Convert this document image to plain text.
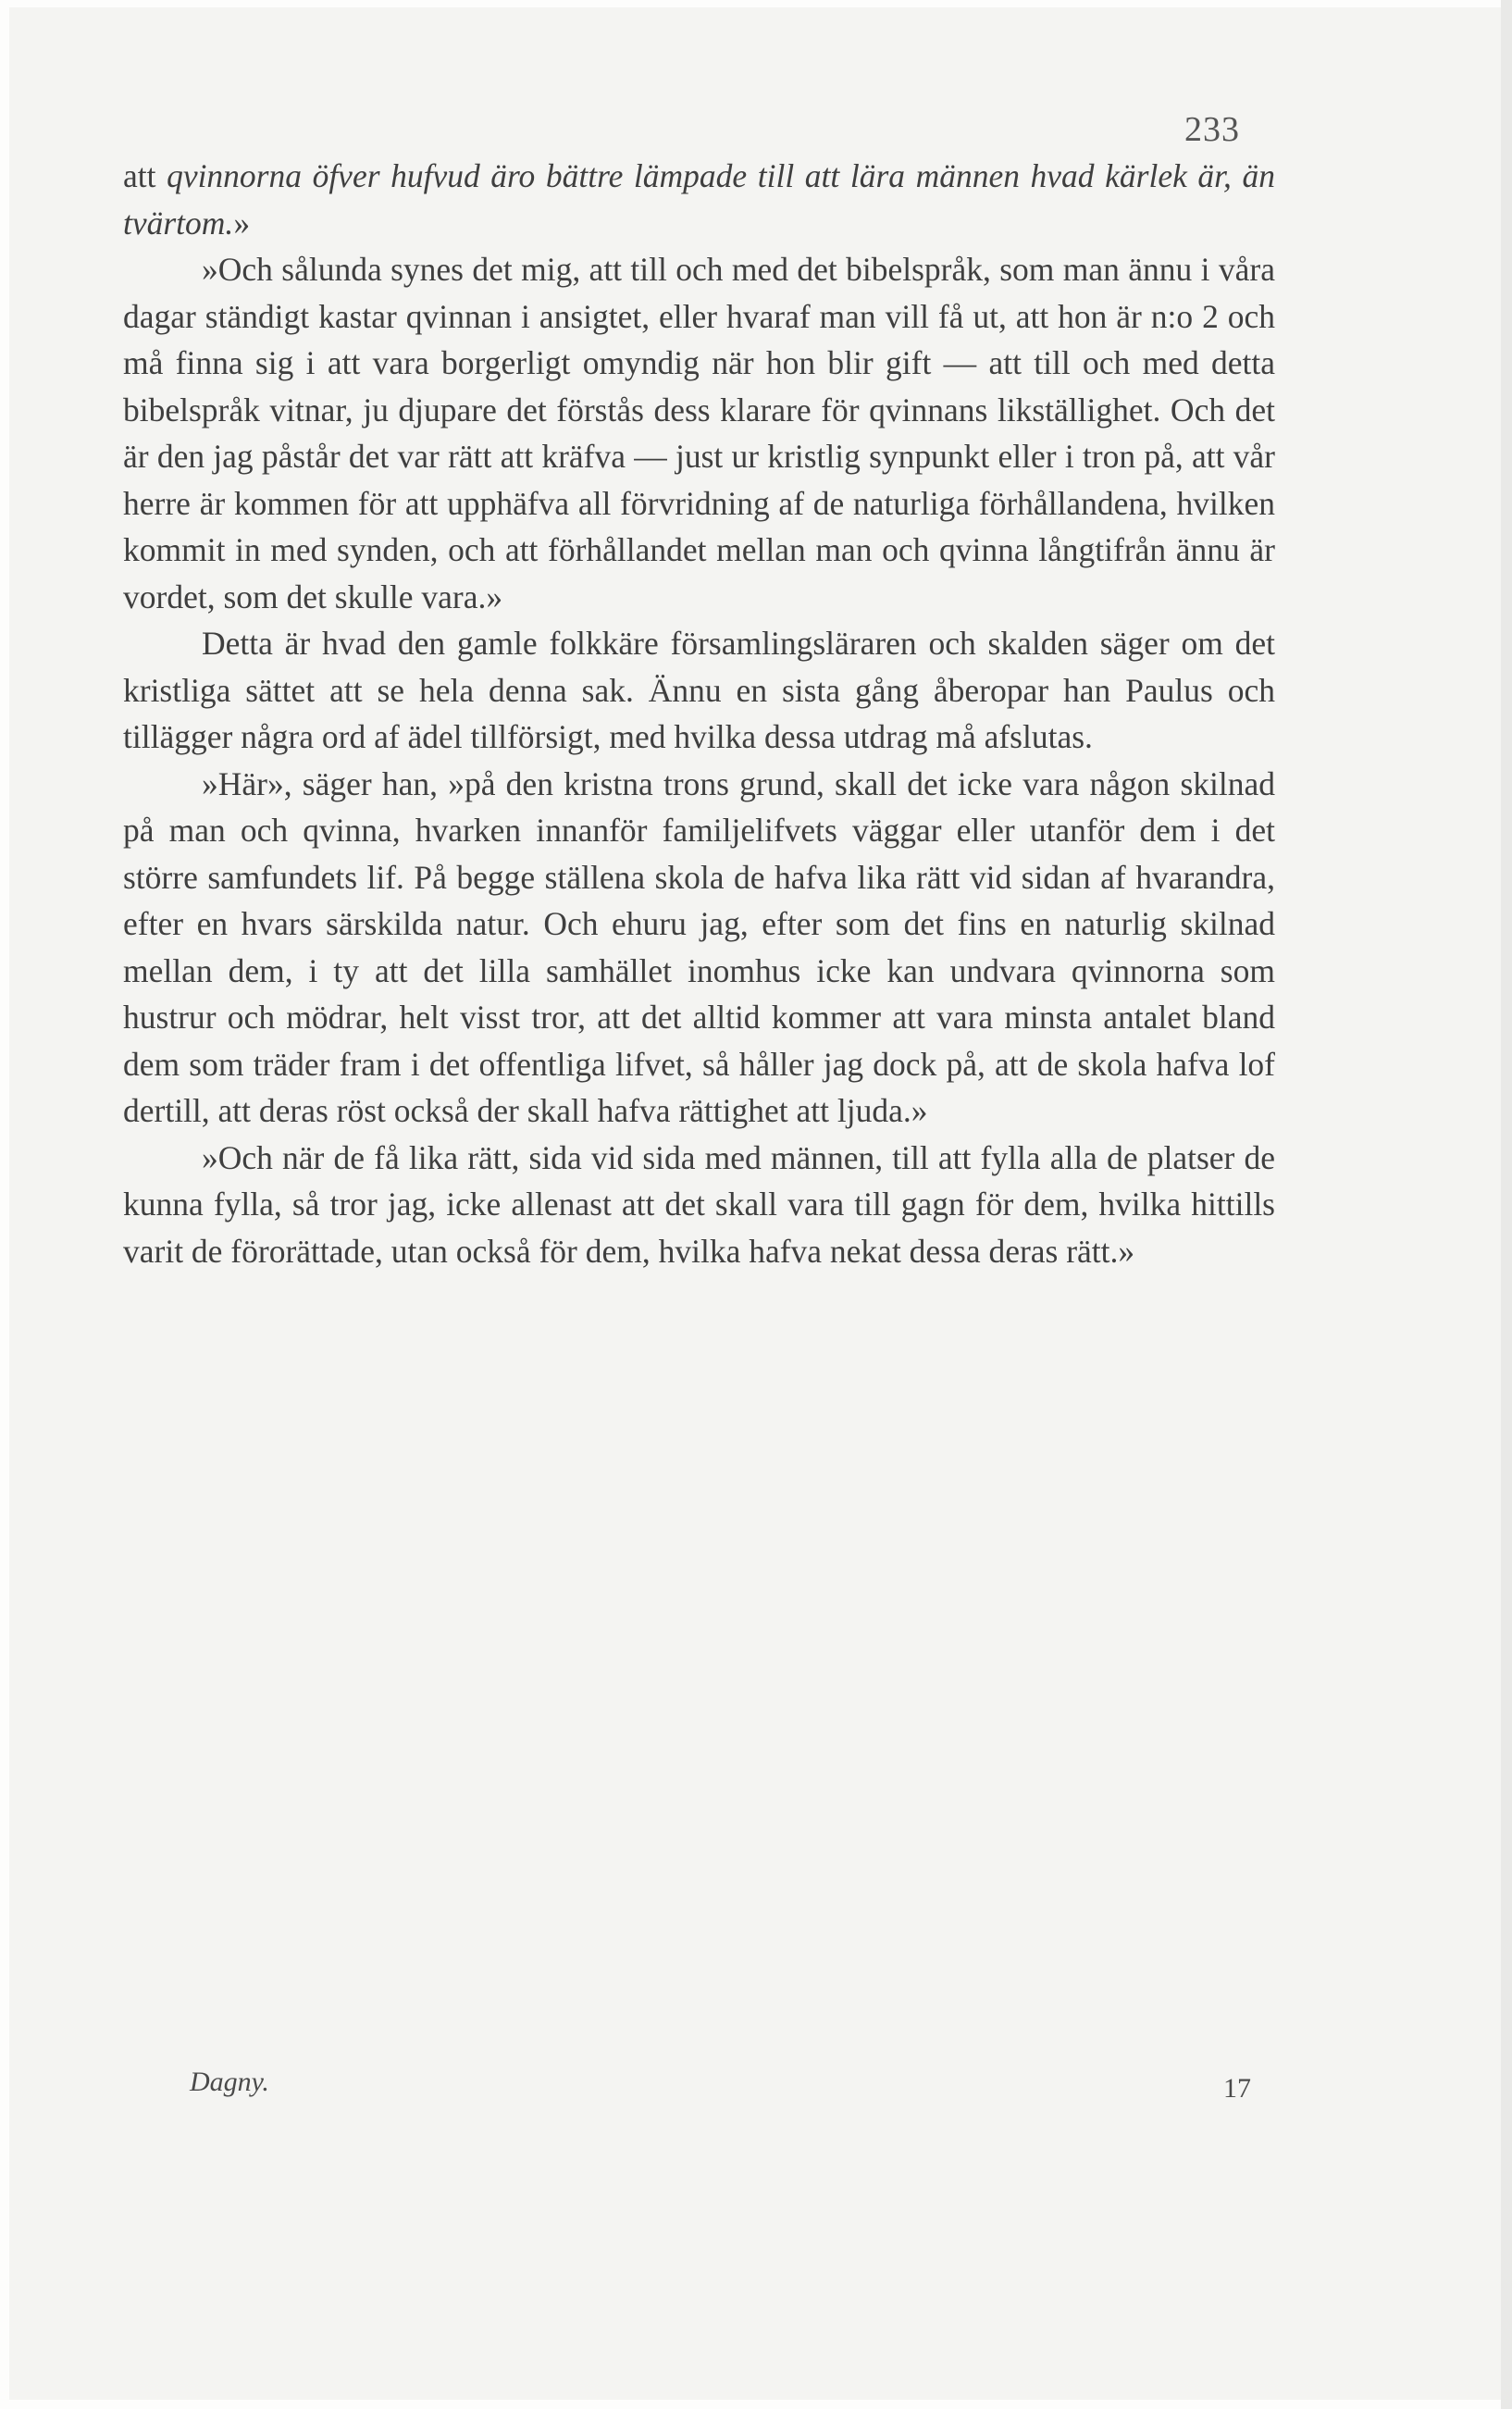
233

att qvinnorna öfver hufvud äro bättre lämpade till att lära männen hvad kärlek är, än tvärtom.»

»Och sålunda synes det mig, att till och med det bibelspråk, som man ännu i våra dagar ständigt kastar qvinnan i ansigtet, eller hvaraf man vill få ut, att hon är n:o 2 och må finna sig i att vara borgerligt omyndig när hon blir gift — att till och med detta bibelspråk vitnar, ju djupare det förstås dess klarare för qvinnans likställighet. Och det är den jag påstår det var rätt att kräfva — just ur kristlig synpunkt eller i tron på, att vår herre är kommen för att upphäfva all förvridning af de naturliga förhållandena, hvilken kommit in med synden, och att förhållandet mellan man och qvinna långtifrån ännu är vordet, som det skulle vara.»

Detta är hvad den gamle folkkäre församlingsläraren och skalden säger om det kristliga sättet att se hela denna sak. Ännu en sista gång åberopar han Paulus och tillägger några ord af ädel tillförsigt, med hvilka dessa utdrag må afslutas.

»Här», säger han, »på den kristna trons grund, skall det icke vara någon skilnad på man och qvinna, hvarken innanför familjelifvets väggar eller utanför dem i det större samfundets lif. På begge ställena skola de hafva lika rätt vid sidan af hvarandra, efter en hvars särskilda natur. Och ehuru jag, efter som det fins en naturlig skilnad mellan dem, i ty att det lilla samhället inomhus icke kan undvara qvinnorna som hustrur och mödrar, helt visst tror, att det alltid kommer att vara minsta antalet bland dem som träder fram i det offentliga lifvet, så håller jag dock på, att de skola hafva lof dertill, att deras röst också der skall hafva rättighet att ljuda.»

»Och när de få lika rätt, sida vid sida med männen, till att fylla alla de platser de kunna fylla, så tror jag, icke allenast att det skall vara till gagn för dem, hvilka hittills varit de förorättade, utan också för dem, hvilka hafva nekat dessa deras rätt.»

Dagny.	17
